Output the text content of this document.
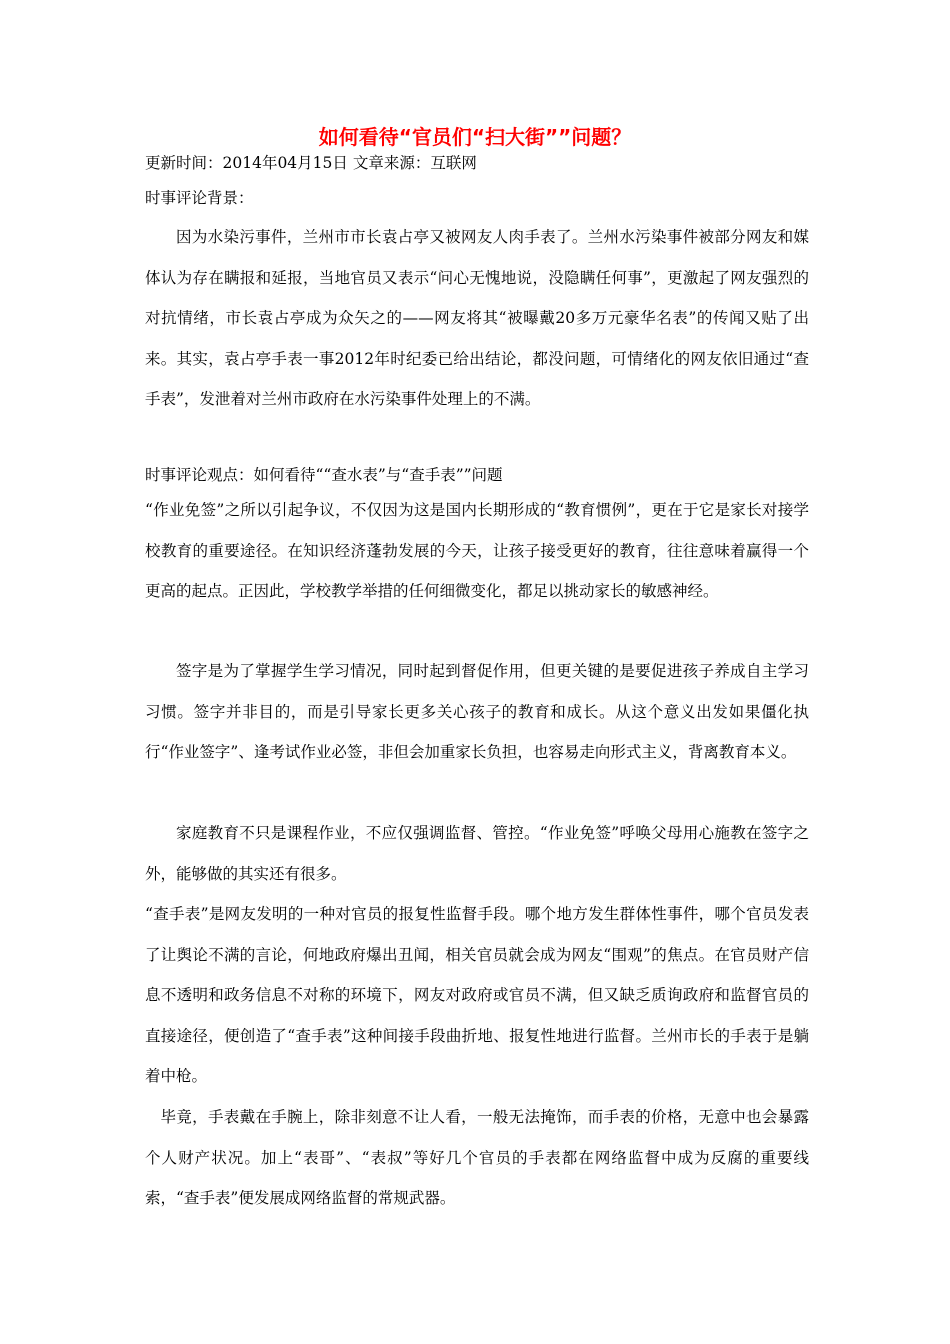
如何看待“官员们“扫大街””问题？
更新时间：2014年04月15日 文章来源：互联网
时事评论背景：
因为水染污事件，兰州市市长袁占亭又被网友人肉手表了。兰州水污染事件被部分网友和媒体认为存在瞒报和延报，当地官员又表示“问心无愧地说，没隐瞒任何事”，更激起了网友强烈的对抗情绪，市长袁占亭成为众矢之的——网友将其“被曝戴20多万元豪华名表”的传闻又贴了出来。其实，袁占亭手表一事2012年时纪委已给出结论，都没问题，可情绪化的网友依旧通过“查手表”，发泄着对兰州市政府在水污染事件处理上的不满。
时事评论观点：如何看待““查水表”与“查手表””问题
“作业免签”之所以引起争议，不仅因为这是国内长期形成的“教育惯例”，更在于它是家长对接学校教育的重要途径。在知识经济蓬勃发展的今天，让孩子接受更好的教育，往往意味着赢得一个更高的起点。正因此，学校教学举措的任何细微变化，都足以挑动家长的敏感神经。
签字是为了掌握学生学习情况，同时起到督促作用，但更关键的是要促进孩子养成自主学习习惯。签字并非目的，而是引导家长更多关心孩子的教育和成长。从这个意义出发如果僵化执行“作业签字”、逢考试作业必签，非但会加重家长负担，也容易走向形式主义，背离教育本义。
家庭教育不只是课程作业，不应仅强调监督、管控。“作业免签”呼唤父母用心施教在签字之外，能够做的其实还有很多。
“查手表”是网友发明的一种对官员的报复性监督手段。哪个地方发生群体性事件，哪个官员发表了让舆论不满的言论，何地政府爆出丑闻，相关官员就会成为网友“围观”的焦点。在官员财产信息不透明和政务信息不对称的环境下，网友对政府或官员不满，但又缺乏质询政府和监督官员的直接途径，便创造了“查手表”这种间接手段曲折地、报复性地进行监督。兰州市长的手表于是躺着中枪。
毕竟，手表戴在手腕上，除非刻意不让人看，一般无法掩饰，而手表的价格，无意中也会暴露个人财产状况。加上“表哥”、“表叔”等好几个官员的手表都在网络监督中成为反腐的重要线索，“查手表”便发展成网络监督的常规武器。
